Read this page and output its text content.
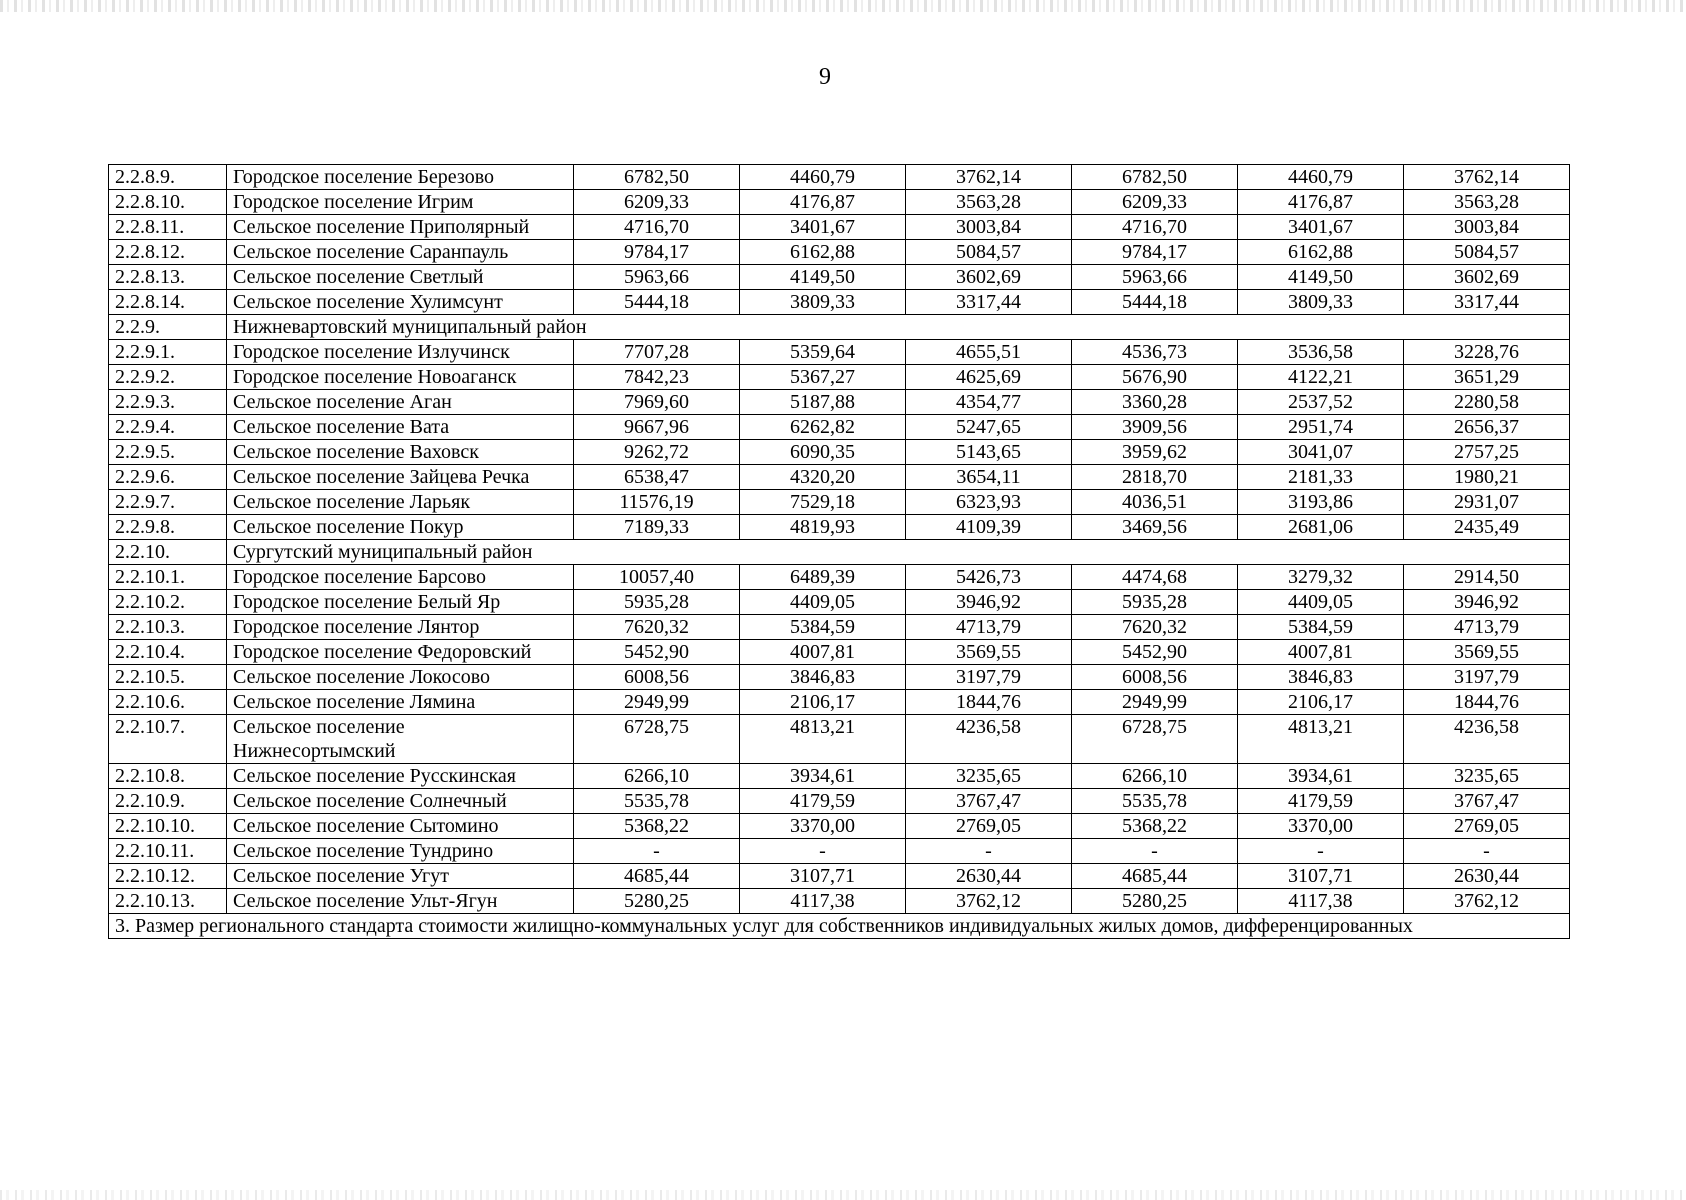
9
2.2.8.9.	Городское поселение Березово	6782,50	4460,79	3762,14	6782,50	4460,79	3762,14
2.2.8.10.	Городское поселение Игрим	6209,33	4176,87	3563,28	6209,33	4176,87	3563,28
2.2.8.11.	Сельское поселение Приполярный	4716,70	3401,67	3003,84	4716,70	3401,67	3003,84
2.2.8.12.	Сельское поселение Саранпауль	9784,17	6162,88	5084,57	9784,17	6162,88	5084,57
2.2.8.13.	Сельское поселение Светлый	5963,66	4149,50	3602,69	5963,66	4149,50	3602,69
2.2.8.14.	Сельское поселение Хулимсунт	5444,18	3809,33	3317,44	5444,18	3809,33	3317,44
2.2.9.	Нижневартовский муниципальный район						
2.2.9.1.	Городское поселение Излучинск	7707,28	5359,64	4655,51	4536,73	3536,58	3228,76
2.2.9.2.	Городское поселение Новоаганск	7842,23	5367,27	4625,69	5676,90	4122,21	3651,29
2.2.9.3.	Сельское поселение Аган	7969,60	5187,88	4354,77	3360,28	2537,52	2280,58
2.2.9.4.	Сельское поселение Вата	9667,96	6262,82	5247,65	3909,56	2951,74	2656,37
2.2.9.5.	Сельское поселение Ваховск	9262,72	6090,35	5143,65	3959,62	3041,07	2757,25
2.2.9.6.	Сельское поселение Зайцева Речка	6538,47	4320,20	3654,11	2818,70	2181,33	1980,21
2.2.9.7.	Сельское поселение Ларьяк	11576,19	7529,18	6323,93	4036,51	3193,86	2931,07
2.2.9.8.	Сельское поселение Покур	7189,33	4819,93	4109,39	3469,56	2681,06	2435,49
2.2.10.	Сургутский муниципальный район						
2.2.10.1.	Городское поселение Барсово	10057,40	6489,39	5426,73	4474,68	3279,32	2914,50
2.2.10.2.	Городское поселение Белый Яр	5935,28	4409,05	3946,92	5935,28	4409,05	3946,92
2.2.10.3.	Городское поселение Лянтор	7620,32	5384,59	4713,79	7620,32	5384,59	4713,79
2.2.10.4.	Городское поселение Федоровский	5452,90	4007,81	3569,55	5452,90	4007,81	3569,55
2.2.10.5.	Сельское поселение Локосово	6008,56	3846,83	3197,79	6008,56	3846,83	3197,79
2.2.10.6.	Сельское поселение Лямина	2949,99	2106,17	1844,76	2949,99	2106,17	1844,76
2.2.10.7.	Сельское поселение Нижнесортымский	6728,75	4813,21	4236,58	6728,75	4813,21	4236,58
2.2.10.8.	Сельское поселение Русскинская	6266,10	3934,61	3235,65	6266,10	3934,61	3235,65
2.2.10.9.	Сельское поселение Солнечный	5535,78	4179,59	3767,47	5535,78	4179,59	3767,47
2.2.10.10.	Сельское поселение Сытомино	5368,22	3370,00	2769,05	5368,22	3370,00	2769,05
2.2.10.11.	Сельское поселение Тундрино	-	-	-	-	-	-
2.2.10.12.	Сельское поселение Угут	4685,44	3107,71	2630,44	4685,44	3107,71	2630,44
2.2.10.13.	Сельское поселение Ульт-Ягун	5280,25	4117,38	3762,12	5280,25	4117,38	3762,12
3. Размер регионального стандарта стоимости жилищно-коммунальных услуг для собственников индивидуальных жилых домов, дифференцированных							
